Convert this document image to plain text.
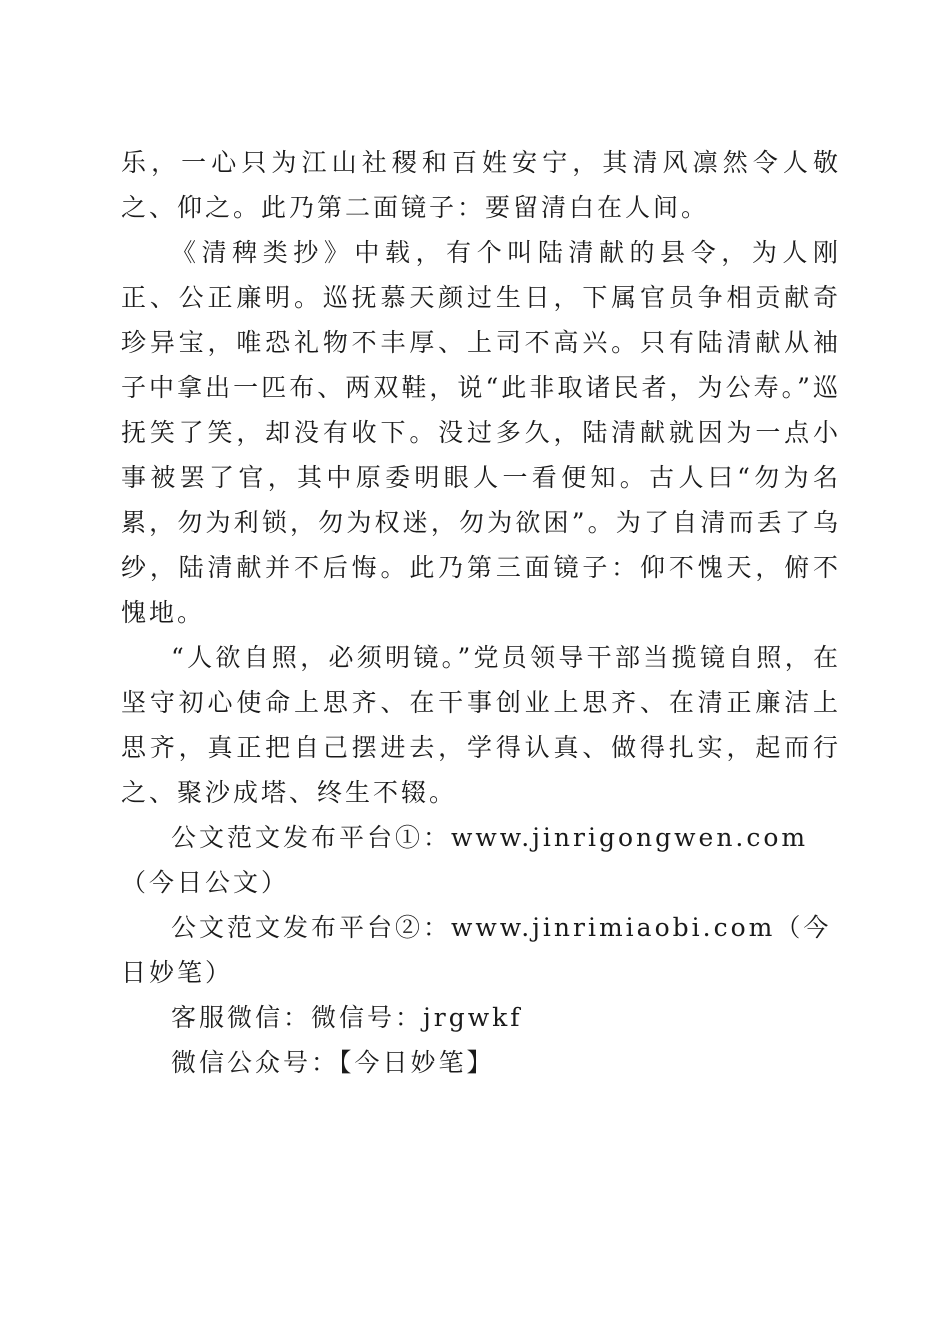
乐，一心只为江山社稷和百姓安宁，其清风凛然令人敬之、仰之。此乃第二面镜子：要留清白在人间。

《清稗类抄》中载，有个叫陆清献的县令，为人刚正、公正廉明。巡抚慕天颜过生日，下属官员争相贡献奇珍异宝，唯恐礼物不丰厚、上司不高兴。只有陆清献从袖子中拿出一匹布、两双鞋，说“此非取诸民者，为公寿。”巡抚笑了笑，却没有收下。没过多久，陆清献就因为一点小事被罢了官，其中原委明眼人一看便知。古人曰“勿为名累，勿为利锁，勿为权迷，勿为欲困”。为了自清而丢了乌纱，陆清献并不后悔。此乃第三面镜子：仰不愧天，俯不愧地。

“人欲自照，必须明镜。”党员领导干部当揽镜自照，在坚守初心使命上思齐、在干事创业上思齐、在清正廉洁上思齐，真正把自己摆进去，学得认真、做得扎实，起而行之、聚沙成塔、终生不辍。

公文范文发布平台①：www.jinrigongwen.com（今日公文）

公文范文发布平台②：www.jinrimiaobi.com（今日妙笔）

客服微信：微信号：jrgwkf

微信公众号：【今日妙笔】
